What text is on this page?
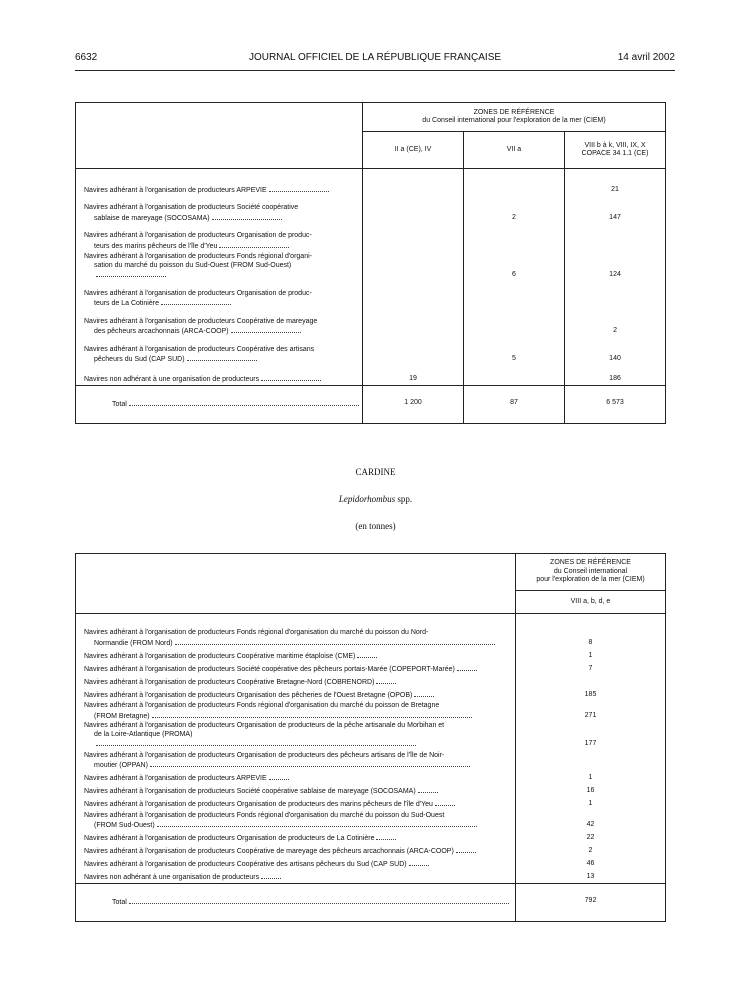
6632	JOURNAL OFFICIEL DE LA RÉPUBLIQUE FRANÇAISE	14 avril 2002

	ZONES DE RÉFÉRENCE
du Conseil international pour l'exploration de la mer (CIEM)		

	II a (CE), IV	VII a	VIII b à k, VIII, IX, X COPACE 34 1.1 (CE)
Navires adhérant à l'organisation de producteurs ARPEVIE			21
Navires adhérant à l'organisation de producteurs Société coopérative
sablaise de mareyage (SOCOSAMA)		2	147
Navires adhérant à l'organisation de producteurs Organisation de produc-
teurs des marins pêcheurs de l'île d'Yeu			

Navires adhérant à l'organisation de producteurs Fonds régional d'organi-
sation du marché du poisson du Sud-Ouest (FROM Sud-Ouest)		6	124
Navires adhérant à l'organisation de producteurs Organisation de produc-
teurs de La Cotinière			

Navires adhérant à l'organisation de producteurs Coopérative de mareyage
des pêcheurs arcachonnais (ARCA-COOP)			2
Navires adhérant à l'organisation de producteurs Coopérative des artisans
pêcheurs du Sud (CAP SUD)		5	140
Navires non adhérant à une organisation de producteurs	19		186
Total	1 200	87	6 573
CARDINE
Lepidorhombus spp.
(en tonnes)

	ZONES DE RÉFÉRENCE
du Conseil international
pour l'exploration de la mer (CIEM)

	VIII a, b, d, e
Navires adhérant à l'organisation de producteurs Fonds régional d'organisation du marché du poisson du Nord-
Normandie (FROM Nord)	8
Navires adhérant à l'organisation de producteurs Coopérative maritime étaploise (CME)	1
Navires adhérant à l'organisation de producteurs Société coopérative des pêcheurs portais-Marée (COPEPORT-Marée)	7
Navires adhérant à l'organisation de producteurs Coopérative Bretagne-Nord (COBRENORD)	
Navires adhérant à l'organisation de producteurs Organisation des pêcheries de l'Ouest Bretagne (OPOB)	185
Navires adhérant à l'organisation de producteurs Fonds régional d'organisation du marché du poisson de Bretagne
(FROM Bretagne)	271
Navires adhérant à l'organisation de producteurs Organisation de producteurs de la pêche artisanale du Morbihan et
de la Loire-Atlantique (PROMA)	177
Navires adhérant à l'organisation de producteurs Organisation de producteurs des pêcheurs artisans de l'île de Noir-
moutier (OPPAN)	

Navires adhérant à l'organisation de producteurs ARPEVIE	1
Navires adhérant à l'organisation de producteurs Société coopérative sablaise de mareyage (SOCOSAMA)	16
Navires adhérant à l'organisation de producteurs Organisation de producteurs des marins pêcheurs de l'île d'Yeu	1
Navires adhérant à l'organisation de producteurs Fonds régional d'organisation du marché du poisson du Sud-Ouest
(FROM Sud-Ouest)	42
Navires adhérant à l'organisation de producteurs Organisation de producteurs de La Cotinière	22
Navires adhérant à l'organisation de producteurs Coopérative de mareyage des pêcheurs arcachonnais (ARCA-COOP)	2
Navires adhérant à l'organisation de producteurs Coopérative des artisans pêcheurs du Sud (CAP SUD)	46
Navires non adhérant à une organisation de producteurs	13
Total	792
